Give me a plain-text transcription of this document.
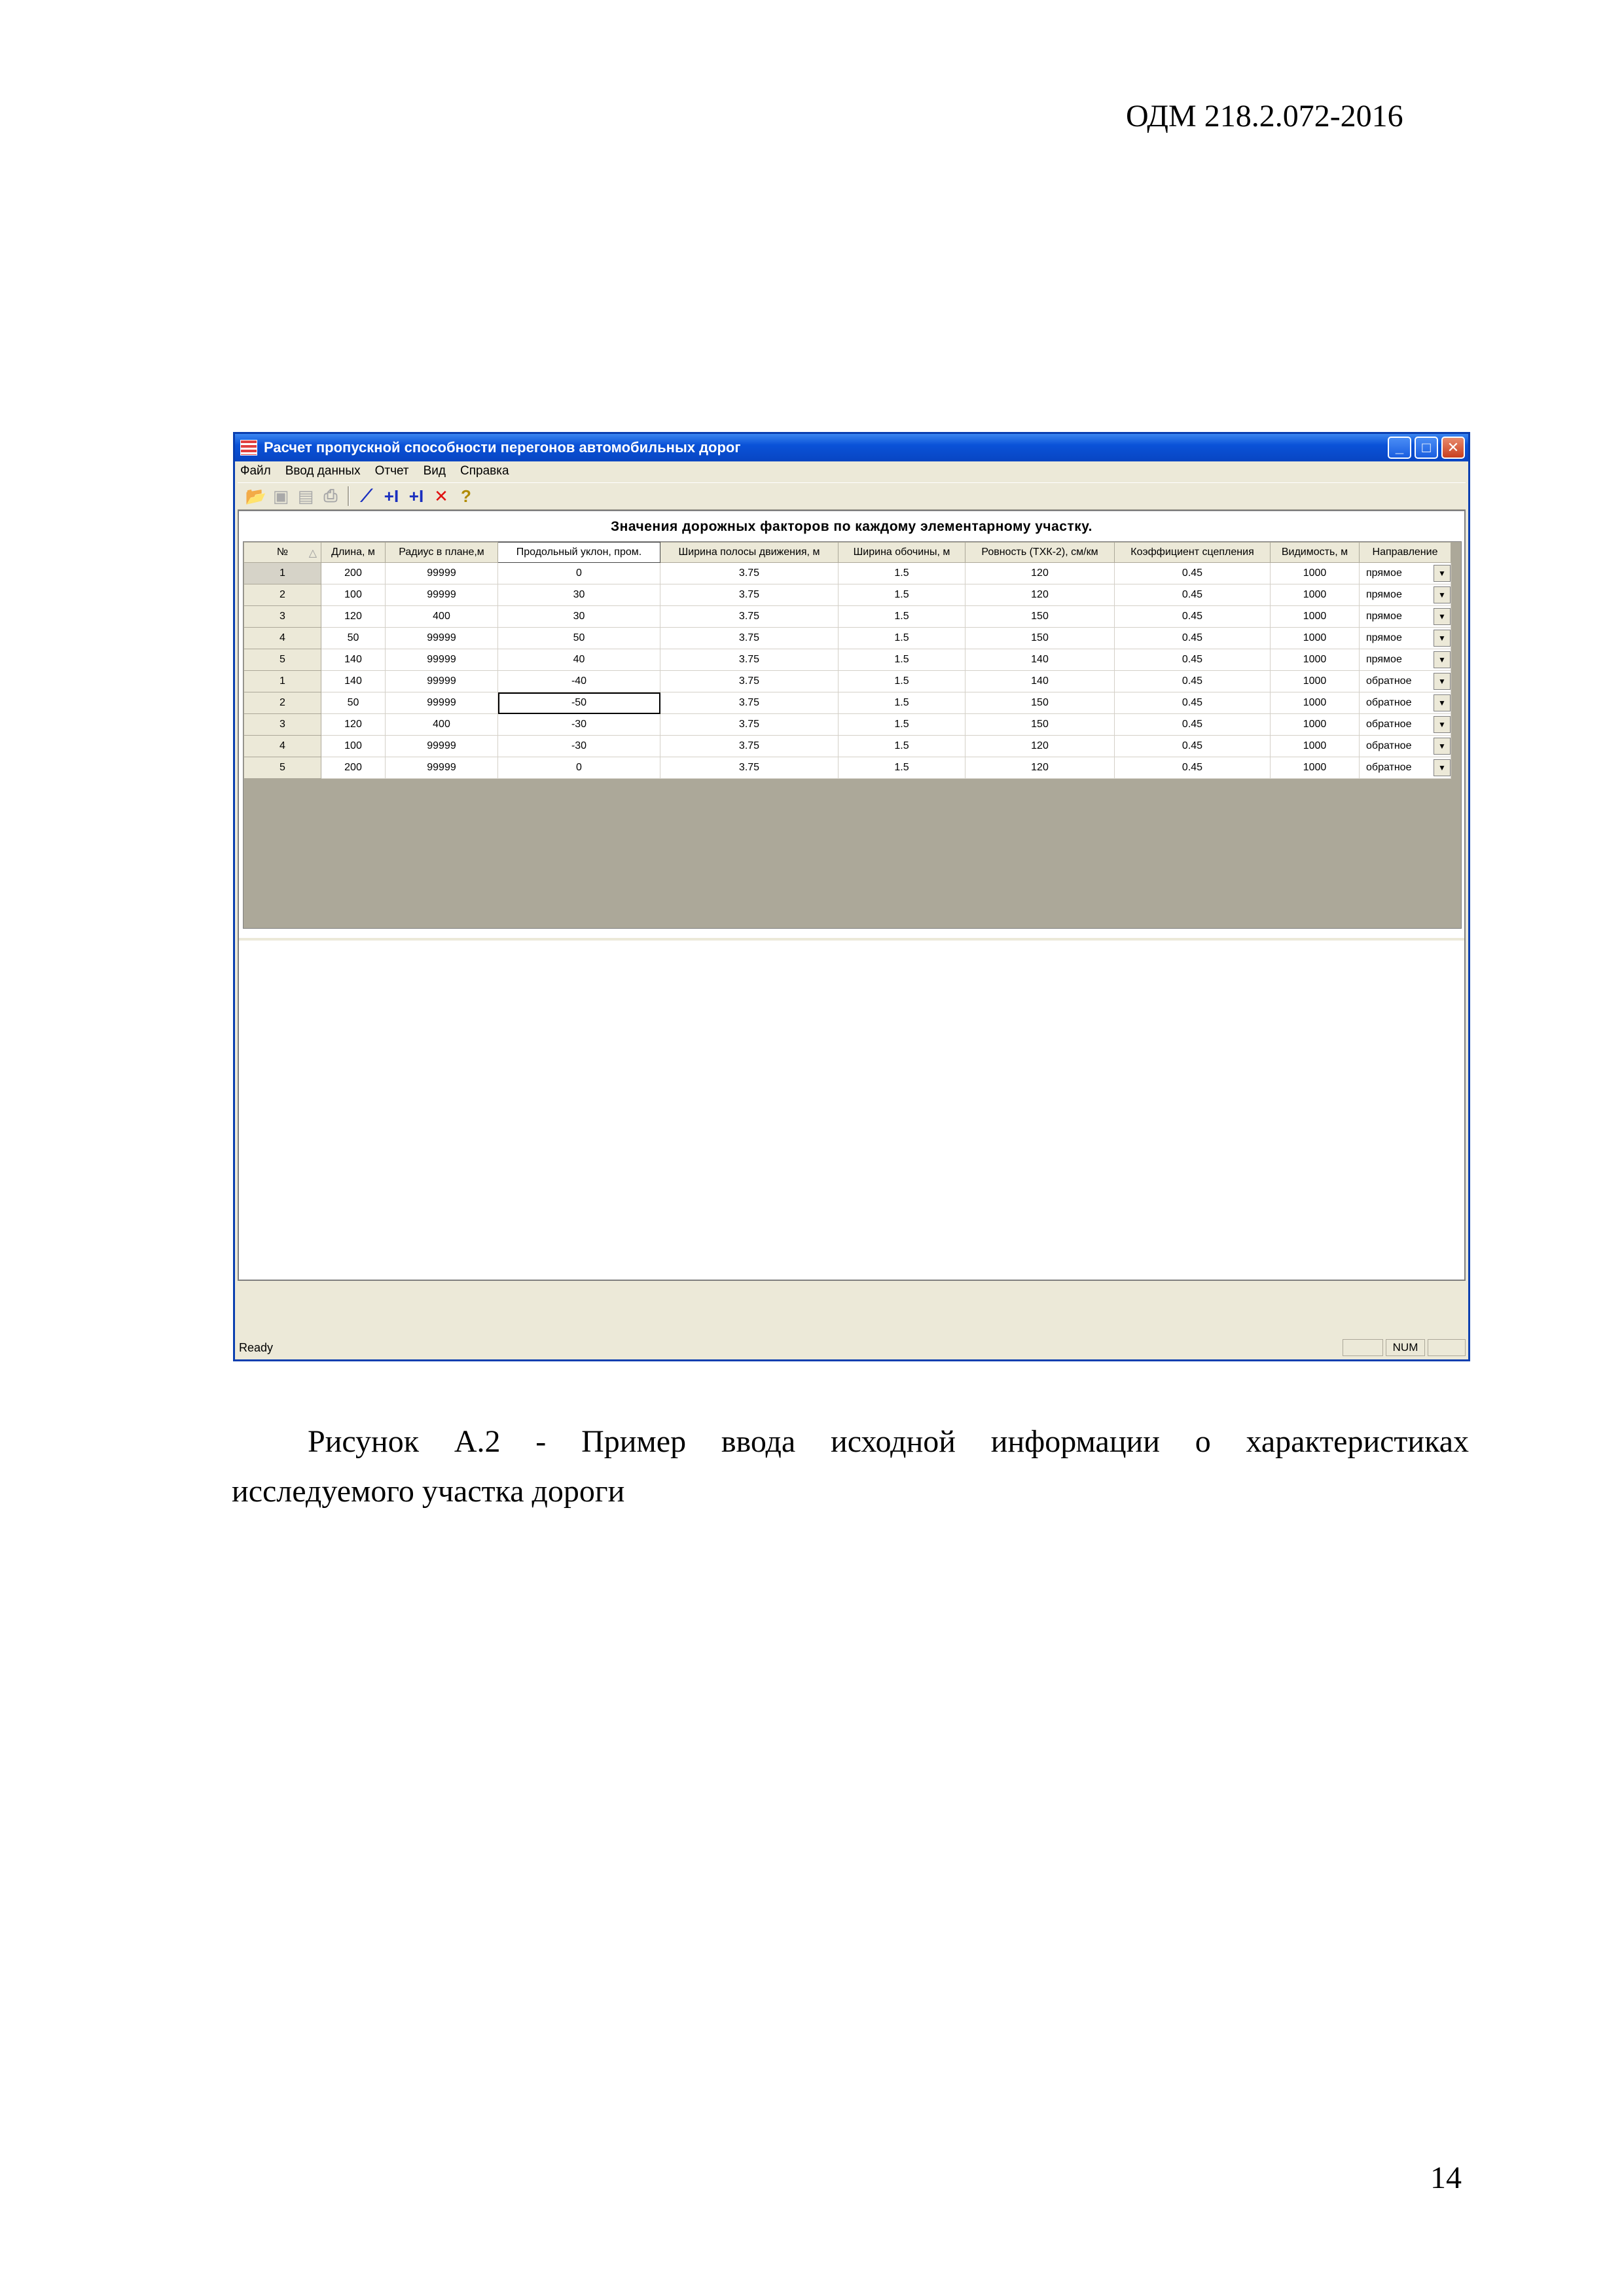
ОДМ 218.2.072-2016
Расчет пропускной способности перегонов автомобильных дорог	_	□	✕
Файл Ввод данных Отчет Вид Справка
📂 ▣ ▤ ⎙ ⟋ +I +I ✕ ?
Значения дорожных факторов по каждому элементарному участку.
№ △	Длина, м	Радиус в плане,м	Продольный уклон, пром.	Ширина полосы движения, м	Ширина обочины, м	Ровность (ТХК-2), см/км	Коэффициент сцепления	Видимость, м	Направление
1	200	99999	0	3.75	1.5	120	0.45	1000	прямое ▼

2	100	99999	30	3.75	1.5	120	0.45	1000	прямое ▼

3	120	400	30	3.75	1.5	150	0.45	1000	прямое ▼

4	50	99999	50	3.75	1.5	150	0.45	1000	прямое ▼

5	140	99999	40	3.75	1.5	140	0.45	1000	прямое ▼

1	140	99999	-40	3.75	1.5	140	0.45	1000	обратное ▼

2	50	99999	-50	3.75	1.5	150	0.45	1000	обратное ▼

3	120	400	-30	3.75	1.5	150	0.45	1000	обратное ▼

4	100	99999	-30	3.75	1.5	120	0.45	1000	обратное ▼

5	200	99999	0	3.75	1.5	120	0.45	1000	обратное ▼
Ready	NUM
Рисунок А.2 - Пример ввода исходной информации о характеристиках
исследуемого участка дороги
14
